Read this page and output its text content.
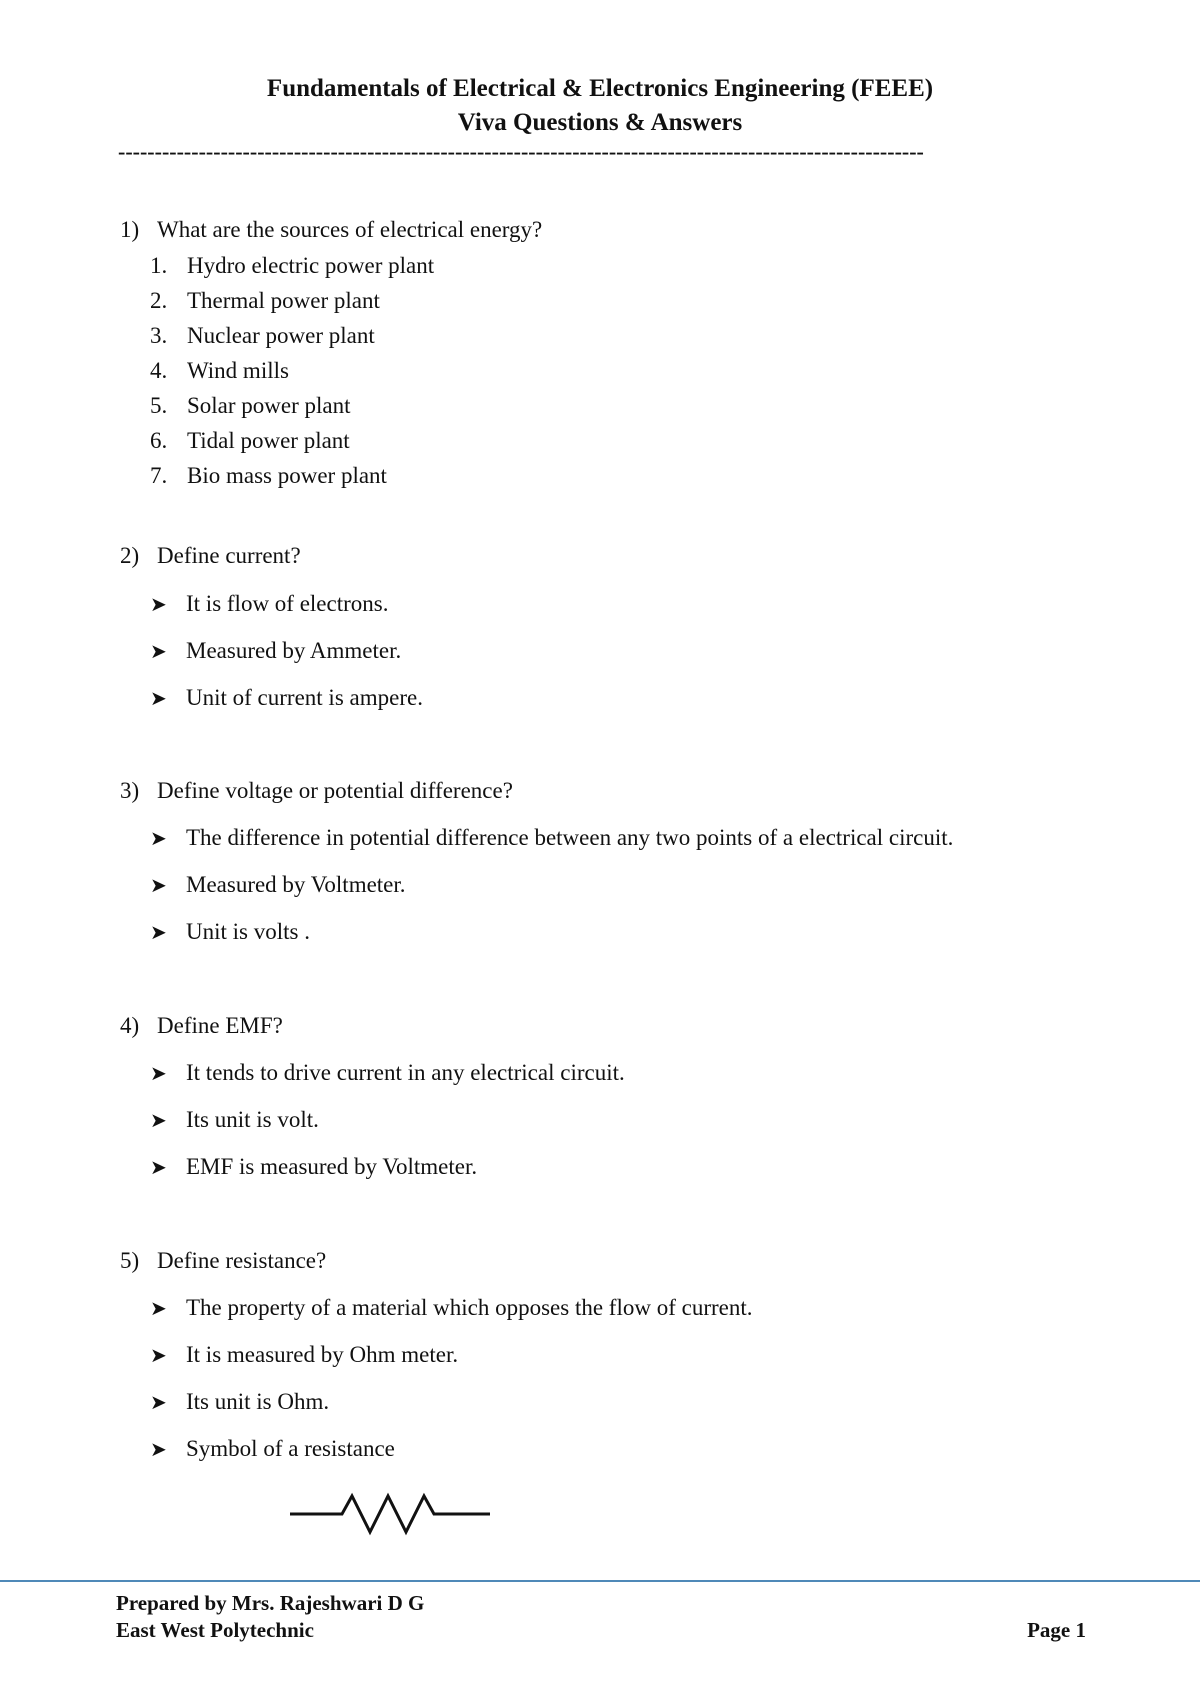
Fundamentals of Electrical & Electronics Engineering (FEEE)

Viva Questions & Answers

--------------------------------------------------------------------------------------------------------------
1) What are the sources of electrical energy?
1. Hydro electric power plant
2. Thermal power plant
3. Nuclear power plant
4. Wind mills
5. Solar power plant
6. Tidal power plant
7. Bio mass power plant
2) Define current?
➤ It is flow of electrons.
➤ Measured by Ammeter.
➤ Unit of current is ampere.
3) Define voltage or potential difference?
➤ The difference in potential difference between any two points of a electrical circuit.
➤ Measured by Voltmeter.
➤ Unit is volts .
4) Define EMF?
➤ It tends to drive current in any electrical circuit.
➤ Its unit is volt.
➤ EMF is measured by Voltmeter.
5) Define resistance?
➤ The property of a material which opposes the flow of current.
➤ It is measured by Ohm meter.
➤ Its unit is Ohm.
➤ Symbol of a resistance
Prepared by Mrs. Rajeshwari D G
East West Polytechnic	Page 1
